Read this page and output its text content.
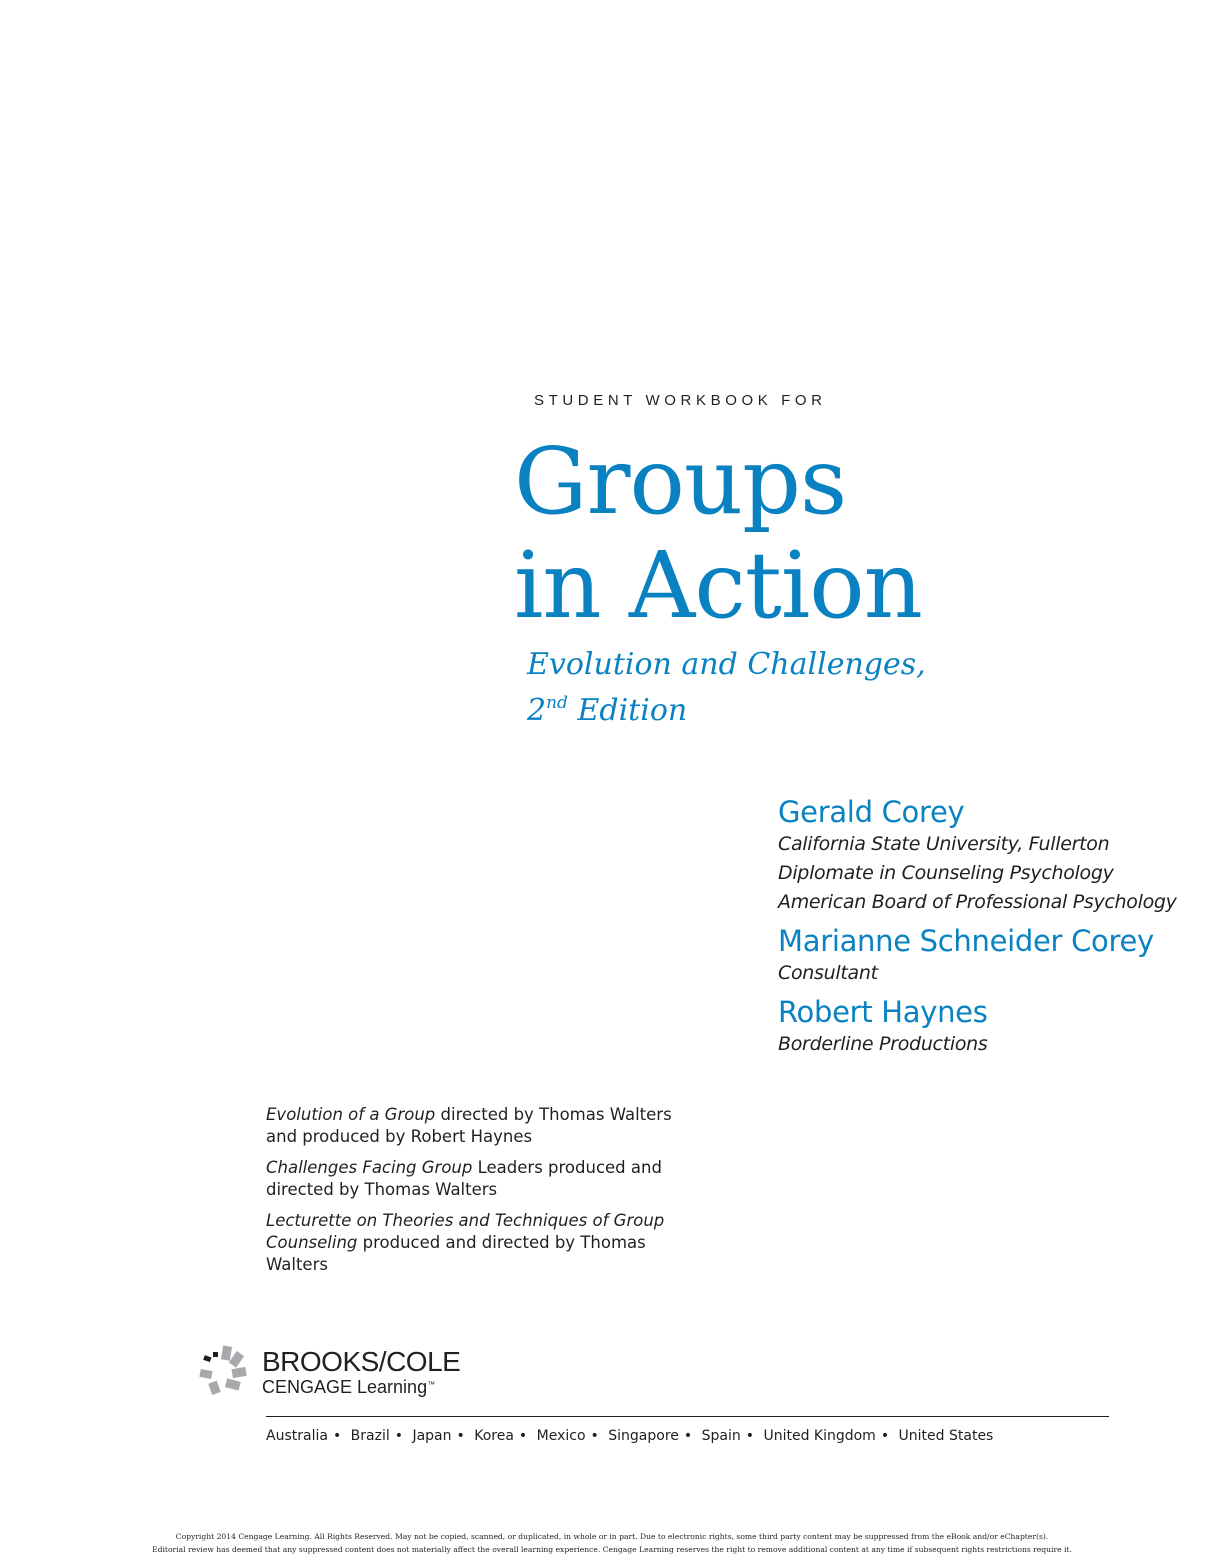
STUDENT WORKBOOK FOR
Groups
in Action
Evolution and Challenges,
2nd Edition
Gerald Corey
California State University, Fullerton
Diplomate in Counseling Psychology
American Board of Professional Psychology
Marianne Schneider Corey
Consultant
Robert Haynes
Borderline Productions
Evolution of a Group directed by Thomas Walters and produced by Robert Haynes
Challenges Facing Group Leaders produced and directed by Thomas Walters
Lecturette on Theories and Techniques of Group Counseling produced and directed by Thomas Walters
BROOKS/COLE
CENGAGE Learning™
Australia • Brazil • Japan • Korea • Mexico • Singapore • Spain • United Kingdom • United States
Copyright 2014 Cengage Learning. All Rights Reserved. May not be copied, scanned, or duplicated, in whole or in part. Due to electronic rights, some third party content may be suppressed from the eBook and/or eChapter(s).
Editorial review has deemed that any suppressed content does not materially affect the overall learning experience. Cengage Learning reserves the right to remove additional content at any time if subsequent rights restrictions require it.
